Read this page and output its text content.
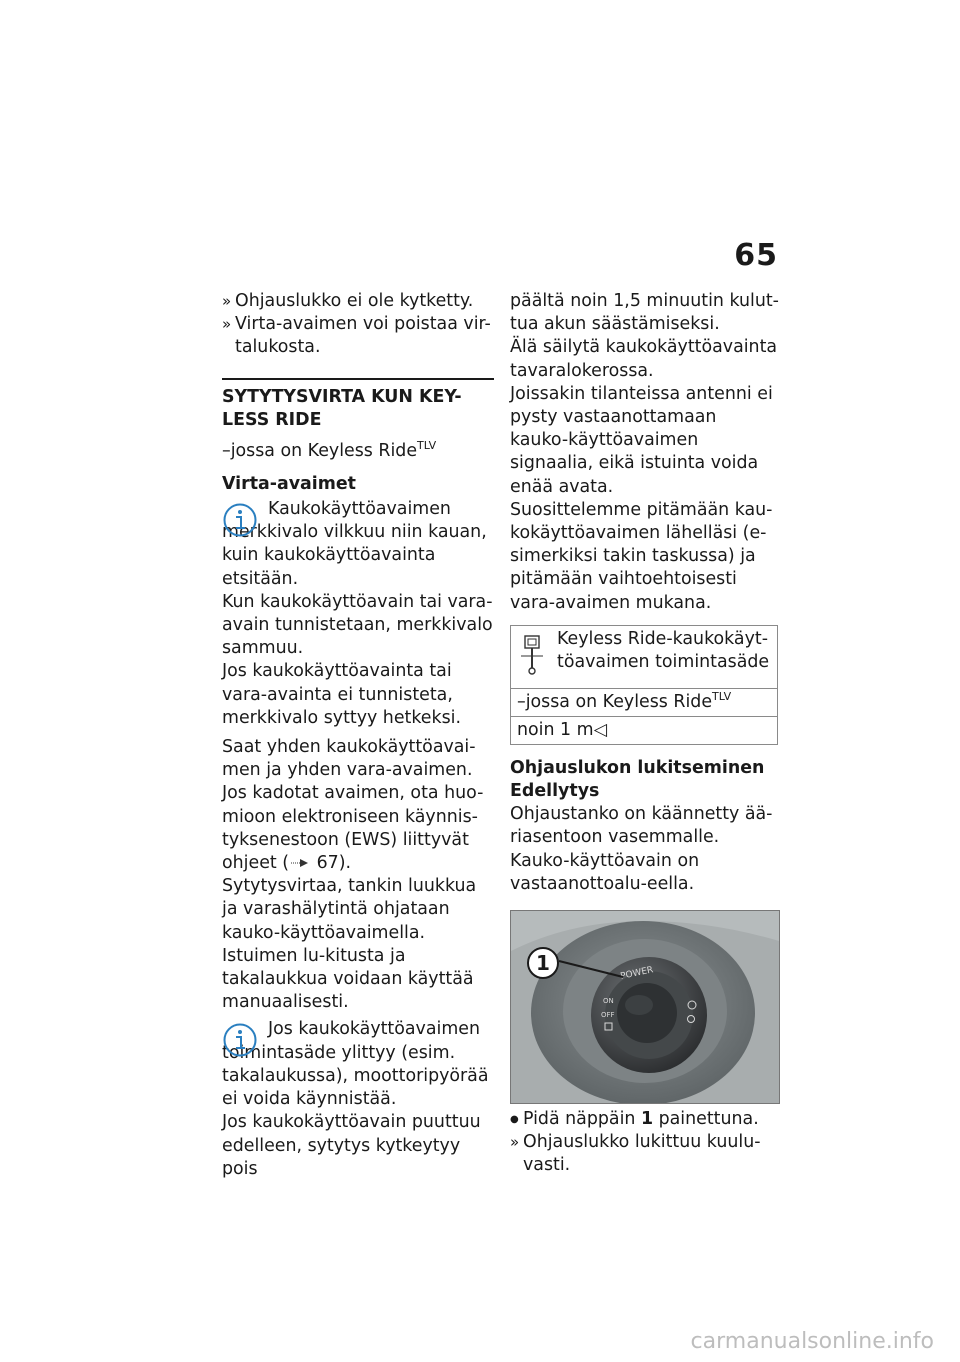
65

» Ohjauslukko ei ole kytketty.

» Virta-avaimen voi poistaa vir-talukosta.

SYTYTYSVIRTA KUN KEY-LESS RIDE

–jossa on Keyless Ride$^{TLV}$

Virta-avaimet

Kaukokäyttöavaimen merkkivalo vilkkuu niin kauan, kuin kaukokäyttöavainta etsitään.

Kun kaukokäyttöavain tai vara-avain tunnistetaan, merkkivalo sammuu.

Jos kaukokäyttöavainta tai vara-avainta ei tunnisteta, merkkivalo syttyy hetkeksi.

Saat yhden kaukokäyttöavai-men ja yhden vara-avaimen. Jos kadotat avaimen, ota huo-mioon elektroniseen käynnis-tyksenestoon (EWS) liittyvät ohjeet ( 67).

Sytytysvirtaa, tankin luukkua ja varashälytintä ohjataan kauko-käyttöavaimella. Istuimen lu-kitusta ja takalaukkua voidaan käyttää manuaalisesti.

Jos kaukokäyttöavaimen toimintasäde ylittyy (esim. takalaukussa), moottoripyörää ei voida käynnistää.

Jos kaukokäyttöavain puuttuu edelleen, sytytys kytkeytyy pois

päältä noin 1,5 minuutin kulut-tua akun säästämiseksi.

Älä säilytä kaukokäyttöavainta tavaralokerossa.

Joissakin tilanteissa antenni ei pysty vastaanottamaan kauko-käyttöavaimen signaalia, eikä istuinta voida enää avata.

Suosittelemme pitämään kau-kokäyttöavaimen lähelläsi (e-simerkiksi takin taskussa) ja pitämään vaihtoehtoisesti vara-avaimen mukana.

Keyless Ride-kaukokäyt-töavaimen toimintasäde
–jossa on Keyless Ride$^{TLV}$
noin 1 m◁

Ohjauslukon lukitseminen

Edellytys

Ohjaustanko on käännetty ää-riasentoon vasemmalle. Kauko-käyttöavain on vastaanottoalu-eella.

POWER
ON
OFF
1

● Pidä näppäin 1 painettuna.

» Ohjauslukko lukittuu kuulu-vasti.

carmanualsonline.info
